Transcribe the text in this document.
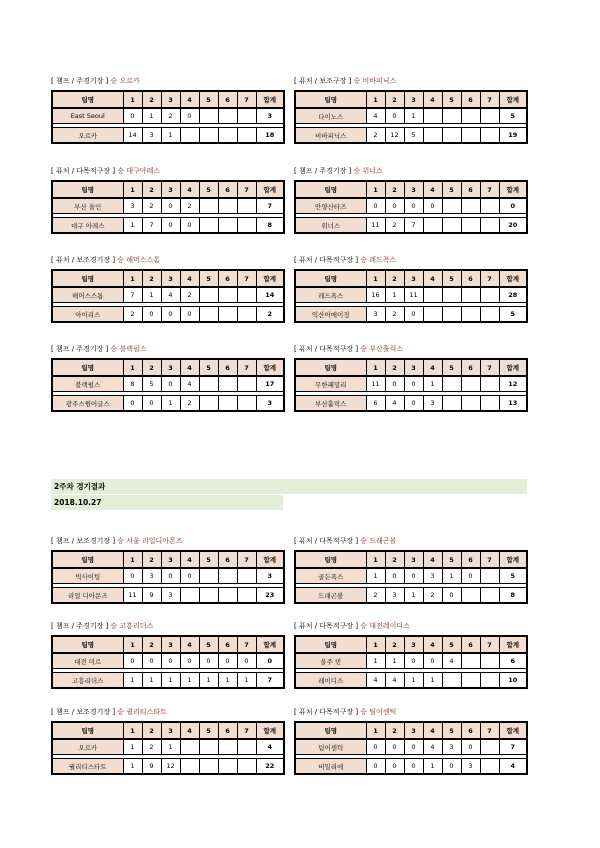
2주차 경기결과
2018.10.27
[ 챔프 / 주경기장 ] 승 오르카
팀명	1	2	3	4	5	6	7	합계
East Seoul	0	1	2	0				3

오르카	14	3	1					18
[ 퓨처 / 보조구장 ] 승 비바피닉스
팀명	1	2	3	4	5	6	7	합계
다이노스	4	0	1					5

비바피닉스	2	12	5					19
[ 퓨처 / 다목적구장 ] 승 대구아레스
팀명	1	2	3	4	5	6	7	합계
부산 올인	3	2	0	2				7

대구 아레스	1	7	0	0				8
[ 챔프 / 주경기장 ] 승 위너스
팀명	1	2	3	4	5	6	7	합계
안양산타즈	0	0	0	0				0

위너스	11	2	7					20
[ 퓨처 / 보조경기장 ] 승 해머스스톰
팀명	1	2	3	4	5	6	7	합계
해머스스톰	7	1	4	2				14

아이리스	2	0	0	0				2
[ 퓨처 / 다목적구장 ] 승 레드폭스
팀명	1	2	3	4	5	6	7	합계
레드폭스	16	1	11					28

익산어메이징	3	2	0					5
[ 챔프 / 주경기장 ] 승 블랙펄스
팀명	1	2	3	4	5	6	7	합계
블랙펄스	8	5	0	4				17

광주스윙어글스	0	0	1	2				3
[ 퓨처 / 다목적구장 ] 승 부산훌릭스
팀명	1	2	3	4	5	6	7	합계
무한패밀리	11	0	0	1				12

부산훌릭스	6	4	0	3				13
[ 챔프 / 보조경기장 ] 승 서울 리얼디아몬즈
팀명	1	2	3	4	5	6	7	합계
빅사이팅	0	3	0	0				3

리얼 디아몬즈	11	9	3					23
[ 퓨처 / 다목적구장 ] 승 드래곤볼
팀명	1	2	3	4	5	6	7	합계
골든폭스	1	0	0	3	1	0		5

드래곤볼	2	3	1	2	0			8
[ 챔프 / 주경기장 ] 승 고흥리더스
팀명	1	2	3	4	5	6	7	합계
대전 미르	0	0	0	0	0	0	0	0

고흥리더스	1	1	1	1	1	1	1	7
[ 퓨처 / 다목적구장 ] 승 대전레이디스
팀명	1	2	3	4	5	6	7	합계
울주 빈	1	1	0	0	4			6

레이디스	4	4	1	1				10
[ 챔프 / 보조경기장 ] 승 퀼리티스타트
팀명	1	2	3	4	5	6	7	합계
오르카	1	2	1					4

퀄리티스타트	1	9	12					22
[ 퓨처 / 다목적구장 ] 승 팀어센틱
팀명	1	2	3	4	5	6	7	합계
팀어센틱	0	0	0	4	3	0		7

비밀리에	0	0	0	1	0	3		4
